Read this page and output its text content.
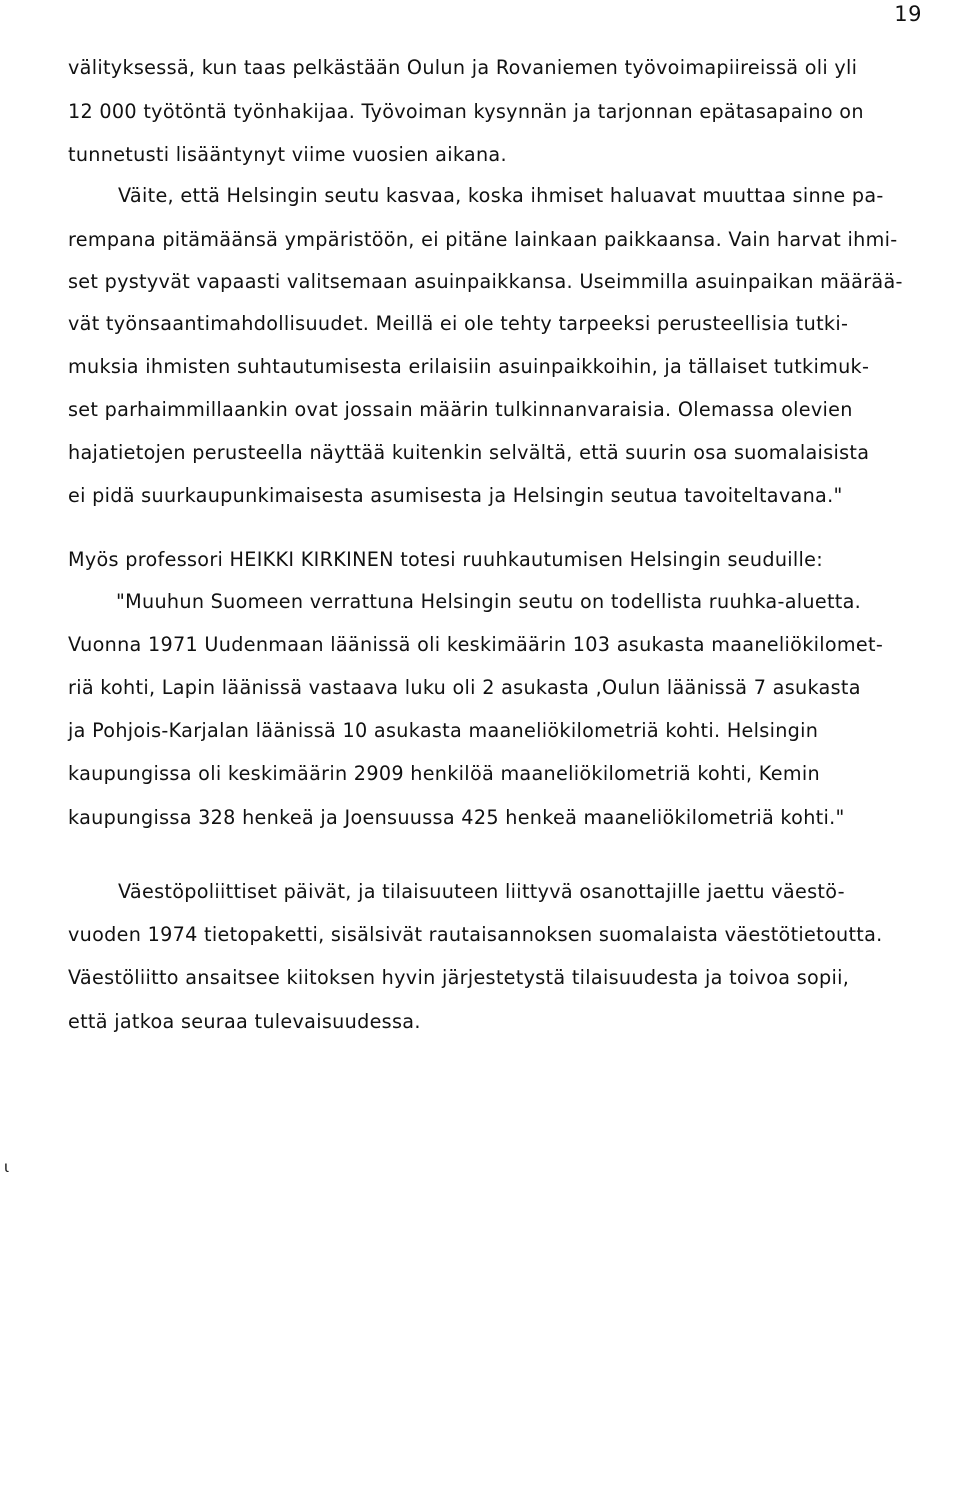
19
välityksessä, kun taas pelkästään Oulun ja Rovaniemen työvoimapiireissä oli yli
12 000 työtöntä työnhakijaa. Työvoiman kysynnän ja tarjonnan epätasapaino on
tunnetusti lisääntynyt viime vuosien aikana.
Väite, että Helsingin seutu kasvaa, koska ihmiset haluavat muuttaa sinne pa-
rempana pitämäänsä ympäristöön, ei pitäne lainkaan paikkaansa. Vain harvat ihmi-
set pystyvät vapaasti valitsemaan asuinpaikkansa. Useimmilla asuinpaikan määrää-
vät työnsaantimahdollisuudet. Meillä ei ole tehty tarpeeksi perusteellisia tutki-
muksia ihmisten suhtautumisesta erilaisiin asuinpaikkoihin, ja tällaiset tutkimuk-
set parhaimmillaankin ovat jossain määrin tulkinnanvaraisia. Olemassa olevien
hajatietojen perusteella näyttää kuitenkin selvältä, että suurin osa suomalaisista
ei pidä suurkaupunkimaisesta asumisesta ja Helsingin seutua tavoiteltavana."
Myös professori HEIKKI KIRKINEN totesi ruuhkautumisen Helsingin seuduille:
"Muuhun Suomeen verrattuna Helsingin seutu on todellista ruuhka-aluetta.
Vuonna 1971 Uudenmaan läänissä oli keskimäärin 103 asukasta maaneliökilomet-
riä kohti, Lapin läänissä vastaava luku oli 2 asukasta ,Oulun läänissä 7 asukasta
ja Pohjois-Karjalan läänissä 10 asukasta maaneliökilometriä kohti. Helsingin
kaupungissa oli keskimäärin 2909 henkilöä maaneliökilometriä kohti, Kemin
kaupungissa 328 henkeä ja Joensuussa 425 henkeä maaneliökilometriä kohti."
Väestöpoliittiset päivät, ja tilaisuuteen liittyvä osanottajille jaettu väestö-
vuoden 1974 tietopaketti, sisälsivät rautaisannoksen suomalaista väestötietoutta.
Väestöliitto ansaitsee kiitoksen hyvin järjestetystä tilaisuudesta ja toivoa sopii,
että jatkoa seuraa tulevaisuudessa.
ι
